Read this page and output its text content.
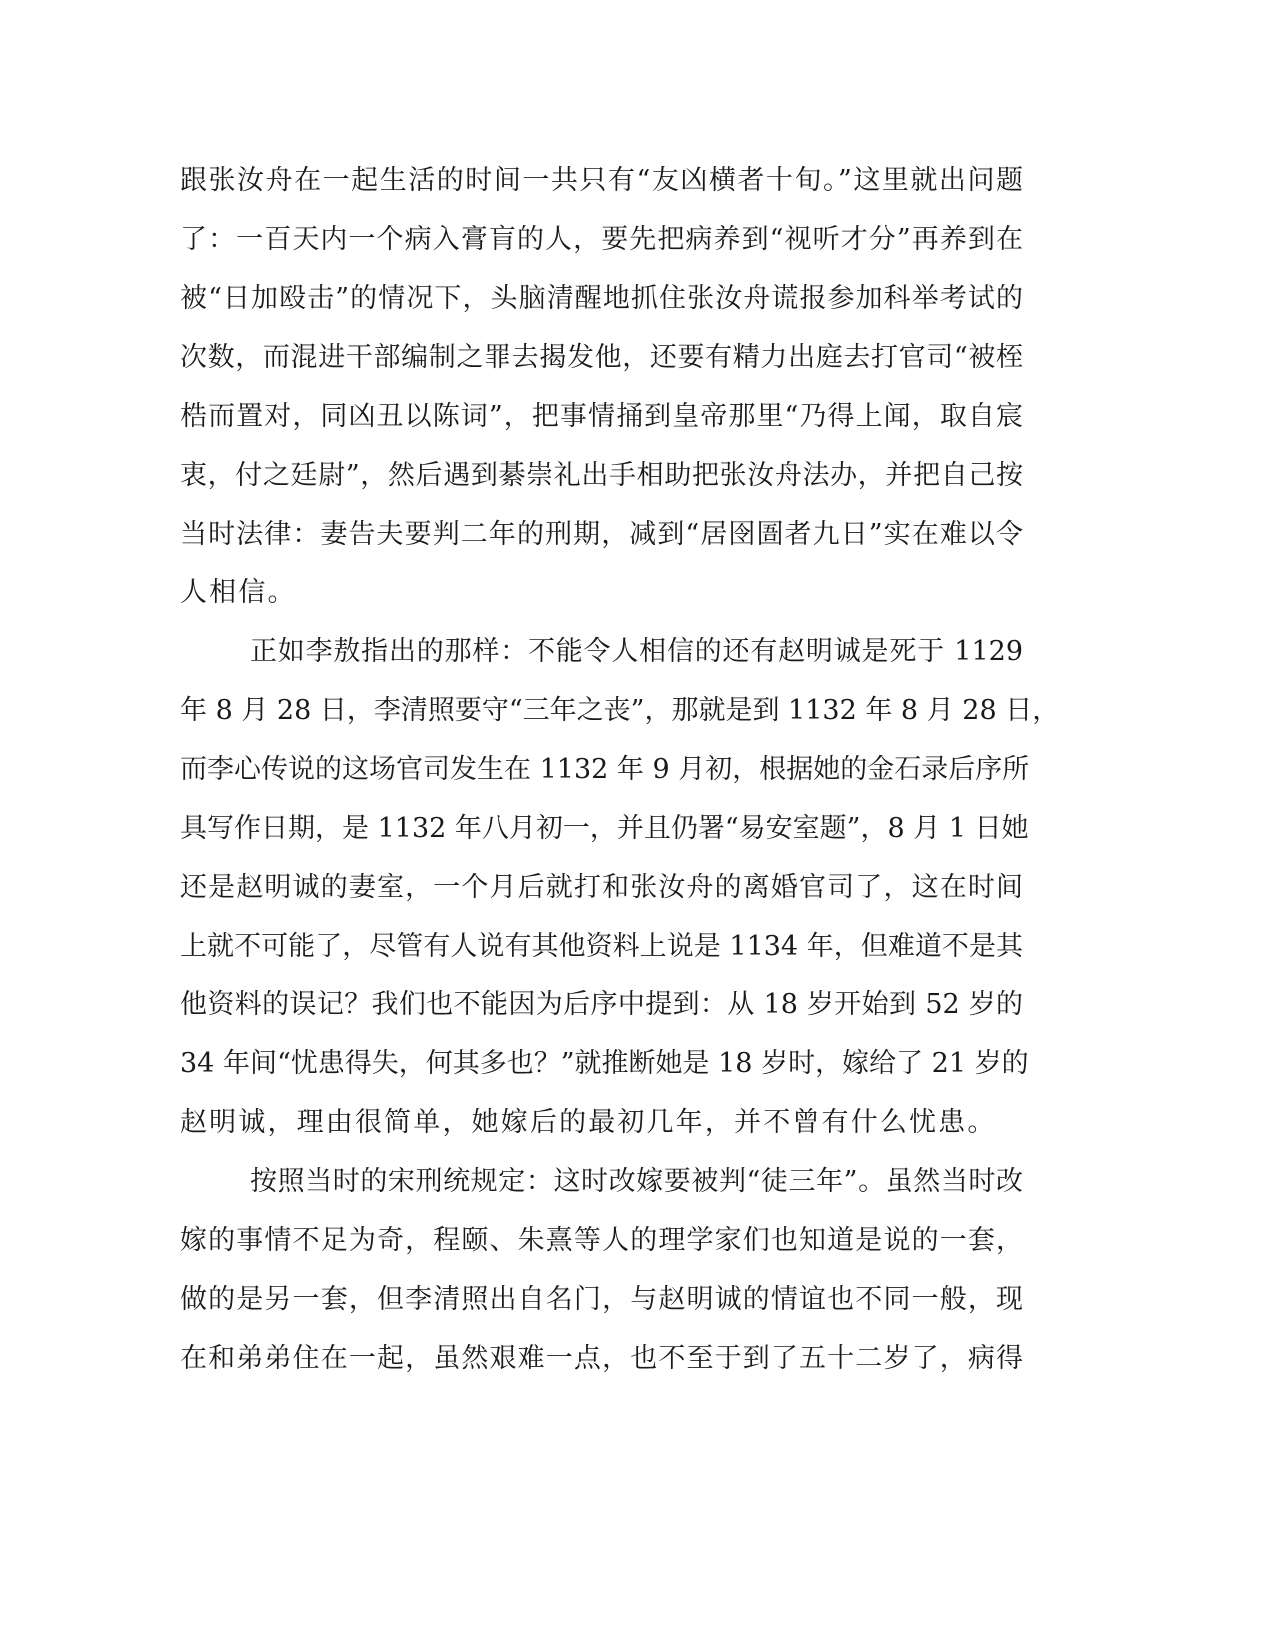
跟张汝舟在一起生活的时间一共只有“友凶横者十旬。”这里就出问题
了：一百天内一个病入膏肓的人，要先把病养到“视听才分”再养到在
被“日加殴击”的情况下，头脑清醒地抓住张汝舟谎报参加科举考试的
次数，而混进干部编制之罪去揭发他，还要有精力出庭去打官司“被桎
梏而置对，同凶丑以陈词”，把事情捅到皇帝那里“乃得上闻，取自宸
衷，付之廷尉”，然后遇到綦崇礼出手相助把张汝舟法办，并把自己按
当时法律：妻告夫要判二年的刑期，减到“居囹圄者九日”实在难以令
人相信。
正如李敖指出的那样：不能令人相信的还有赵明诚是死于 1129
年 8 月 28 日，李清照要守“三年之丧”，那就是到 1132 年 8 月 28 日，
而李心传说的这场官司发生在 1132 年 9 月初，根据她的金石录后序所
具写作日期，是 1132 年八月初一，并且仍署“易安室题”，8 月 1 日她
还是赵明诚的妻室，一个月后就打和张汝舟的离婚官司了，这在时间
上就不可能了，尽管有人说有其他资料上说是 1134 年，但难道不是其
他资料的误记？我们也不能因为后序中提到：从 18 岁开始到 52 岁的
34 年间“忧患得失，何其多也？”就推断她是 18 岁时，嫁给了 21 岁的
赵明诚，理由很简单，她嫁后的最初几年，并不曾有什么忧患。
按照当时的宋刑统规定：这时改嫁要被判“徒三年”。虽然当时改
嫁的事情不足为奇，程颐、朱熹等人的理学家们也知道是说的一套，
做的是另一套，但李清照出自名门，与赵明诚的情谊也不同一般，现
在和弟弟住在一起，虽然艰难一点，也不至于到了五十二岁了，病得
